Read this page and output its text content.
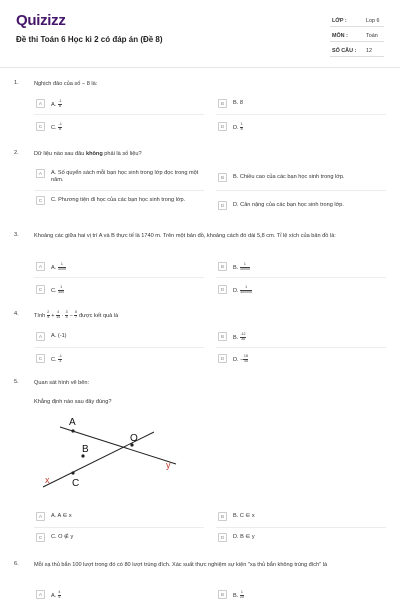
Quizizz
Đề thi Toán 6 Học kì 2 có đáp án (Đề 8)
LỚP :	Lop 6
MÔN :	Toán
SỐ CÂU : 12
1.	Nghịch đảo của số − 8 là:
A	A. $\frac{-1}{8}$	B	B. 8
C	C. $\frac{-1}{8}$	D	D. $\frac{1}{8}$
2.	Dữ liệu nào sau đâu không phải là số liệu?
A	A. Số quyển sách mỗi bạn học sinh trong lớp đọc trong một năm.	B	B. Chiều cao của các bạn học sinh trong lớp.
C	C. Phương tiện đi học của các bạn học sinh trong lớp.
D	D. Cân nặng của các bạn học sinh trong lớp.
3.	Khoảng các giữa hai vị trí A và B thực tế là 1740 m. Trên một bản đồ, khoảng cách đó dài 5,8 cm. Tỉ lệ xích của bản đồ là:
A	A. $\frac{1}{3000}$	B	B. $\frac{1}{30000}$
C	C. $\frac{1}{300}$	D	D. $\frac{1}{300000}$
4.	Tính $\frac{2}{5} + \frac{4}{15} \cdot \frac{3}{4} - \frac{6}{7}$ được kết quả là
A	A. (-1)	B	B. $\frac{-12}{35}$
C	C. $\frac{-1}{3}$	D	D. − $\frac{18}{35}$
5.	Quan sát hình vẽ bên:
Khẳng định nào sau đây đúng?
A
B
O
C
x
y
A	A. A ∈ x	B	B. C ∈ x
C	C. O ∉ y	D	D. B ∈ y
6.	Mỗi xạ thủ bắn 100 lượt trong đó có 80 lượt trúng đích. Xác suất thực nghiệm sự kiện "xạ thủ bắn không trúng đích" là
A	A. $\frac{4}{5}$	B	B. $\frac{1}{20}$
